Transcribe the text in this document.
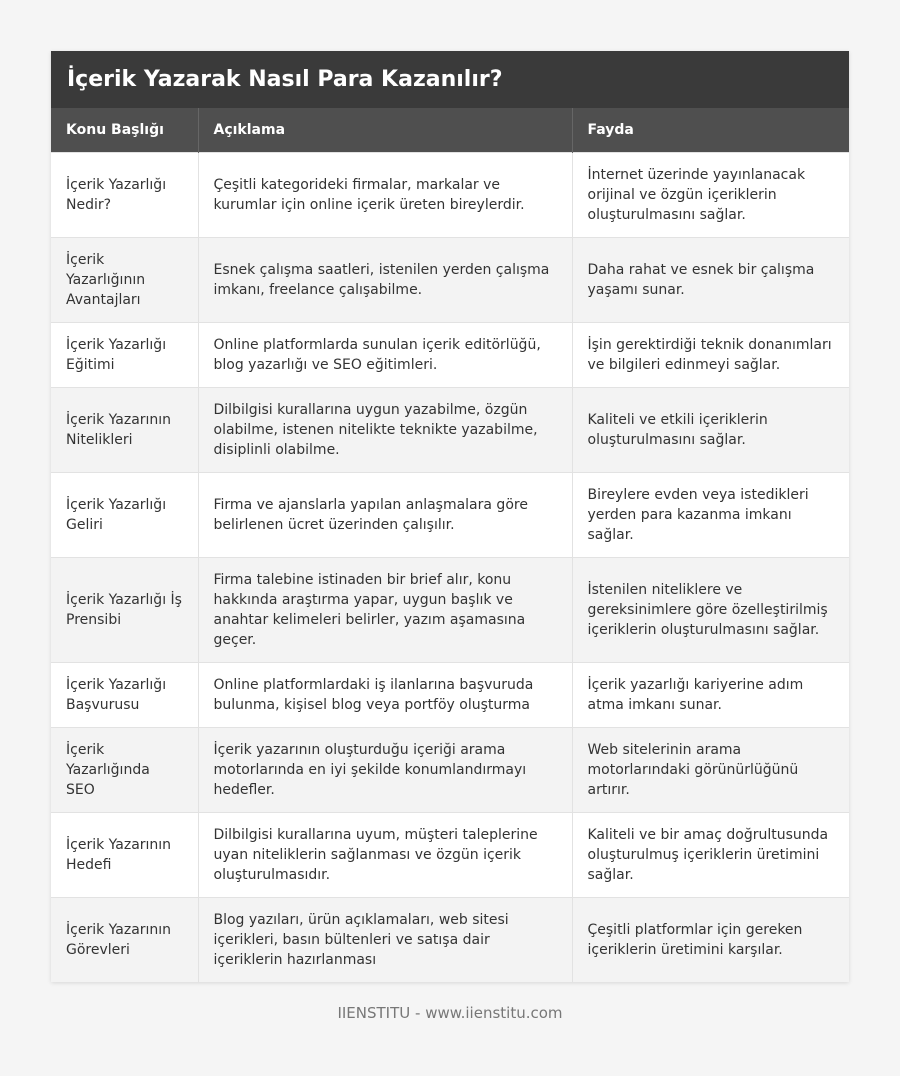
İçerik Yazarak Nasıl Para Kazanılır?
Konu Başlığı	Açıklama	Fayda
İçerik Yazarlığı Nedir?	Çeşitli kategorideki firmalar, markalar ve kurumlar için online içerik üreten bireylerdir.	İnternet üzerinde yayınlanacak orijinal ve özgün içeriklerin oluşturulmasını sağlar.
İçerik Yazarlığının Avantajları	Esnek çalışma saatleri, istenilen yerden çalışma imkanı, freelance çalışabilme.	Daha rahat ve esnek bir çalışma yaşamı sunar.
İçerik Yazarlığı Eğitimi	Online platformlarda sunulan içerik editörlüğü, blog yazarlığı ve SEO eğitimleri.	İşin gerektirdiği teknik donanımları ve bilgileri edinmeyi sağlar.
İçerik Yazarının Nitelikleri	Dilbilgisi kurallarına uygun yazabilme, özgün olabilme, istenen nitelikte teknikte yazabilme, disiplinli olabilme.	Kaliteli ve etkili içeriklerin oluşturulmasını sağlar.
İçerik Yazarlığı Geliri	Firma ve ajanslarla yapılan anlaşmalara göre belirlenen ücret üzerinden çalışılır.	Bireylere evden veya istedikleri yerden para kazanma imkanı sağlar.
İçerik Yazarlığı İş Prensibi	Firma talebine istinaden bir brief alır, konu hakkında araştırma yapar, uygun başlık ve anahtar kelimeleri belirler, yazım aşamasına geçer.	İstenilen niteliklere ve gereksinimlere göre özelleştirilmiş içeriklerin oluşturulmasını sağlar.
İçerik Yazarlığı Başvurusu	Online platformlardaki iş ilanlarına başvuruda bulunma, kişisel blog veya portföy oluşturma	İçerik yazarlığı kariyerine adım atma imkanı sunar.
İçerik Yazarlığında SEO	İçerik yazarının oluşturduğu içeriği arama motorlarında en iyi şekilde konumlandırmayı hedefler.	Web sitelerinin arama motorlarındaki görünürlüğünü artırır.
İçerik Yazarının Hedefi	Dilbilgisi kurallarına uyum, müşteri taleplerine uyan niteliklerin sağlanması ve özgün içerik oluşturulmasıdır.	Kaliteli ve bir amaç doğrultusunda oluşturulmuş içeriklerin üretimini sağlar.
İçerik Yazarının Görevleri	Blog yazıları, ürün açıklamaları, web sitesi içerikleri, basın bültenleri ve satışa dair içeriklerin hazırlanması	Çeşitli platformlar için gereken içeriklerin üretimini karşılar.
IIENSTITU - www.iienstitu.com
